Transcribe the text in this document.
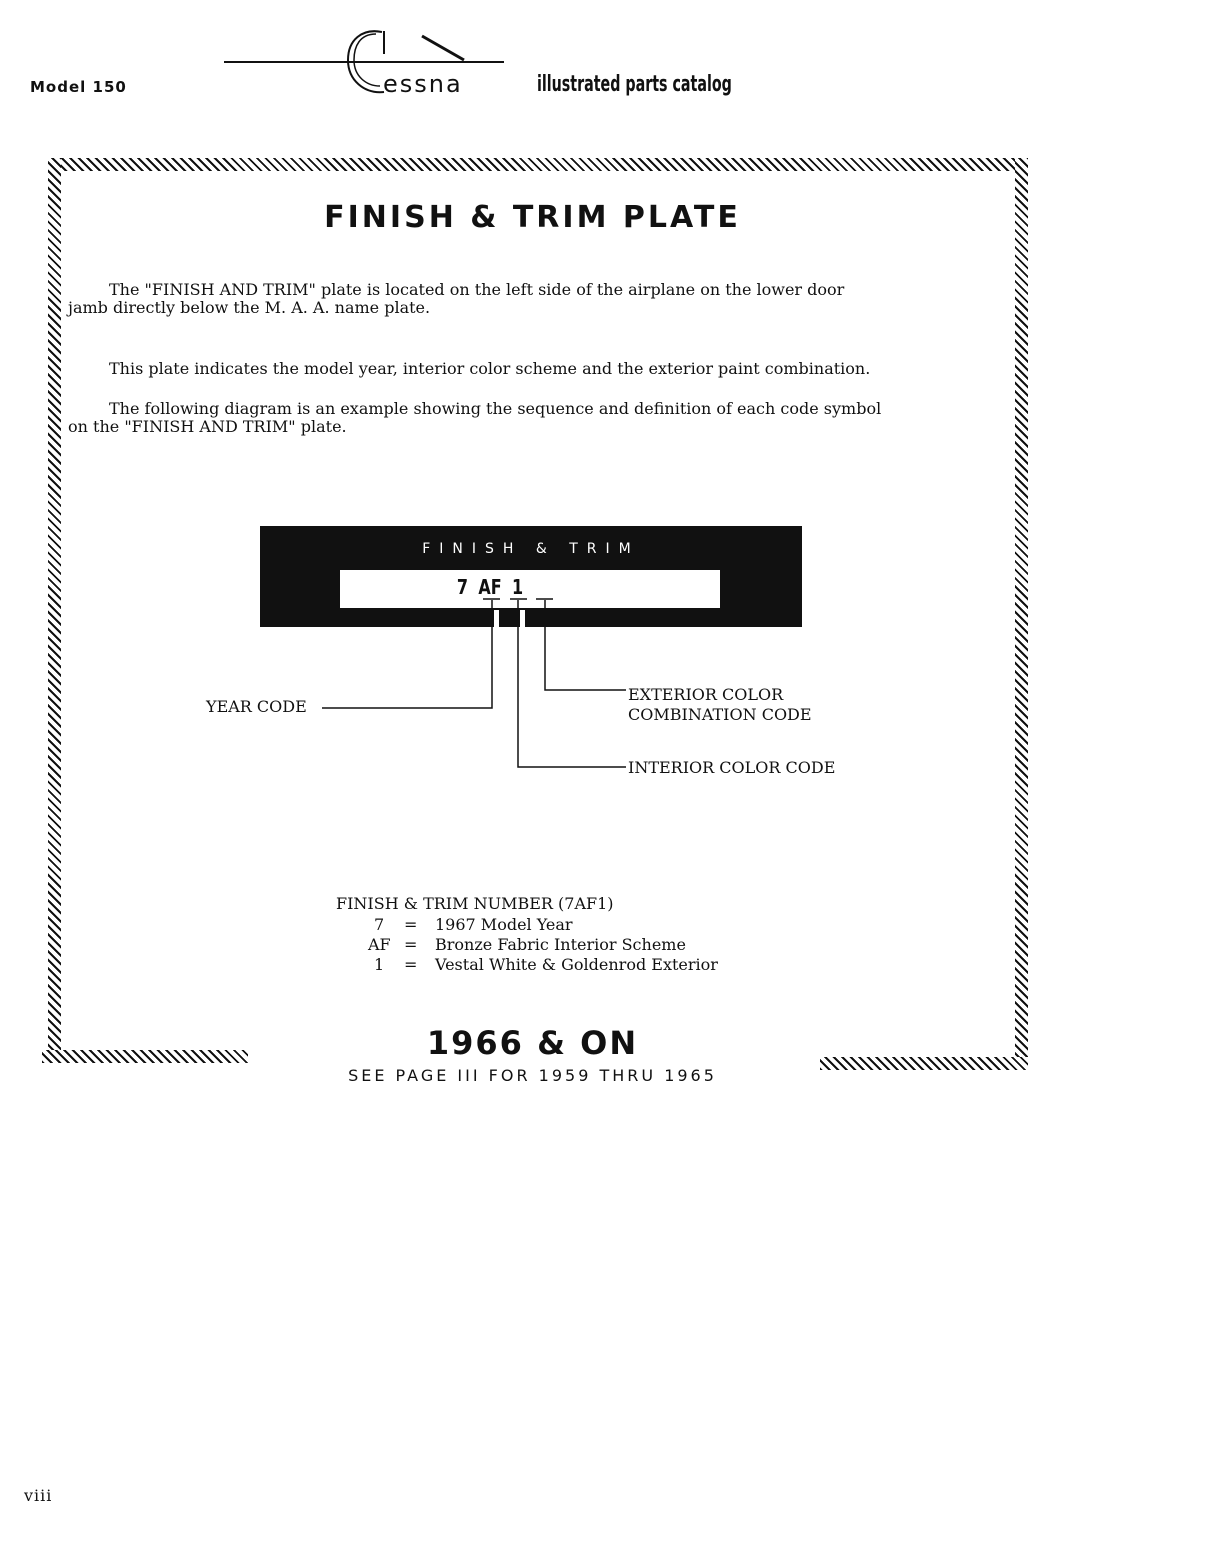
Model 150	essna	illustrated parts catalog
FINISH & TRIM PLATE
The "FINISH AND TRIM" plate is located on the left side of the airplane on the lower door
jamb directly below the M. A. A. name plate.
This plate indicates the model year, interior color scheme and the exterior paint combination.
The following diagram is an example showing the sequence and definition of each code symbol
on the "FINISH AND TRIM" plate.
FINISH & TRIM
7 AF 1
YEAR CODE
EXTERIOR COLOR
COMBINATION CODE
INTERIOR COLOR CODE
FINISH & TRIM NUMBER (7AF1)
7 = 1967 Model Year
AF = Bronze Fabric Interior Scheme
1 = Vestal White & Goldenrod Exterior
1966 & ON
SEE PAGE III FOR 1959 THRU 1965
viii
